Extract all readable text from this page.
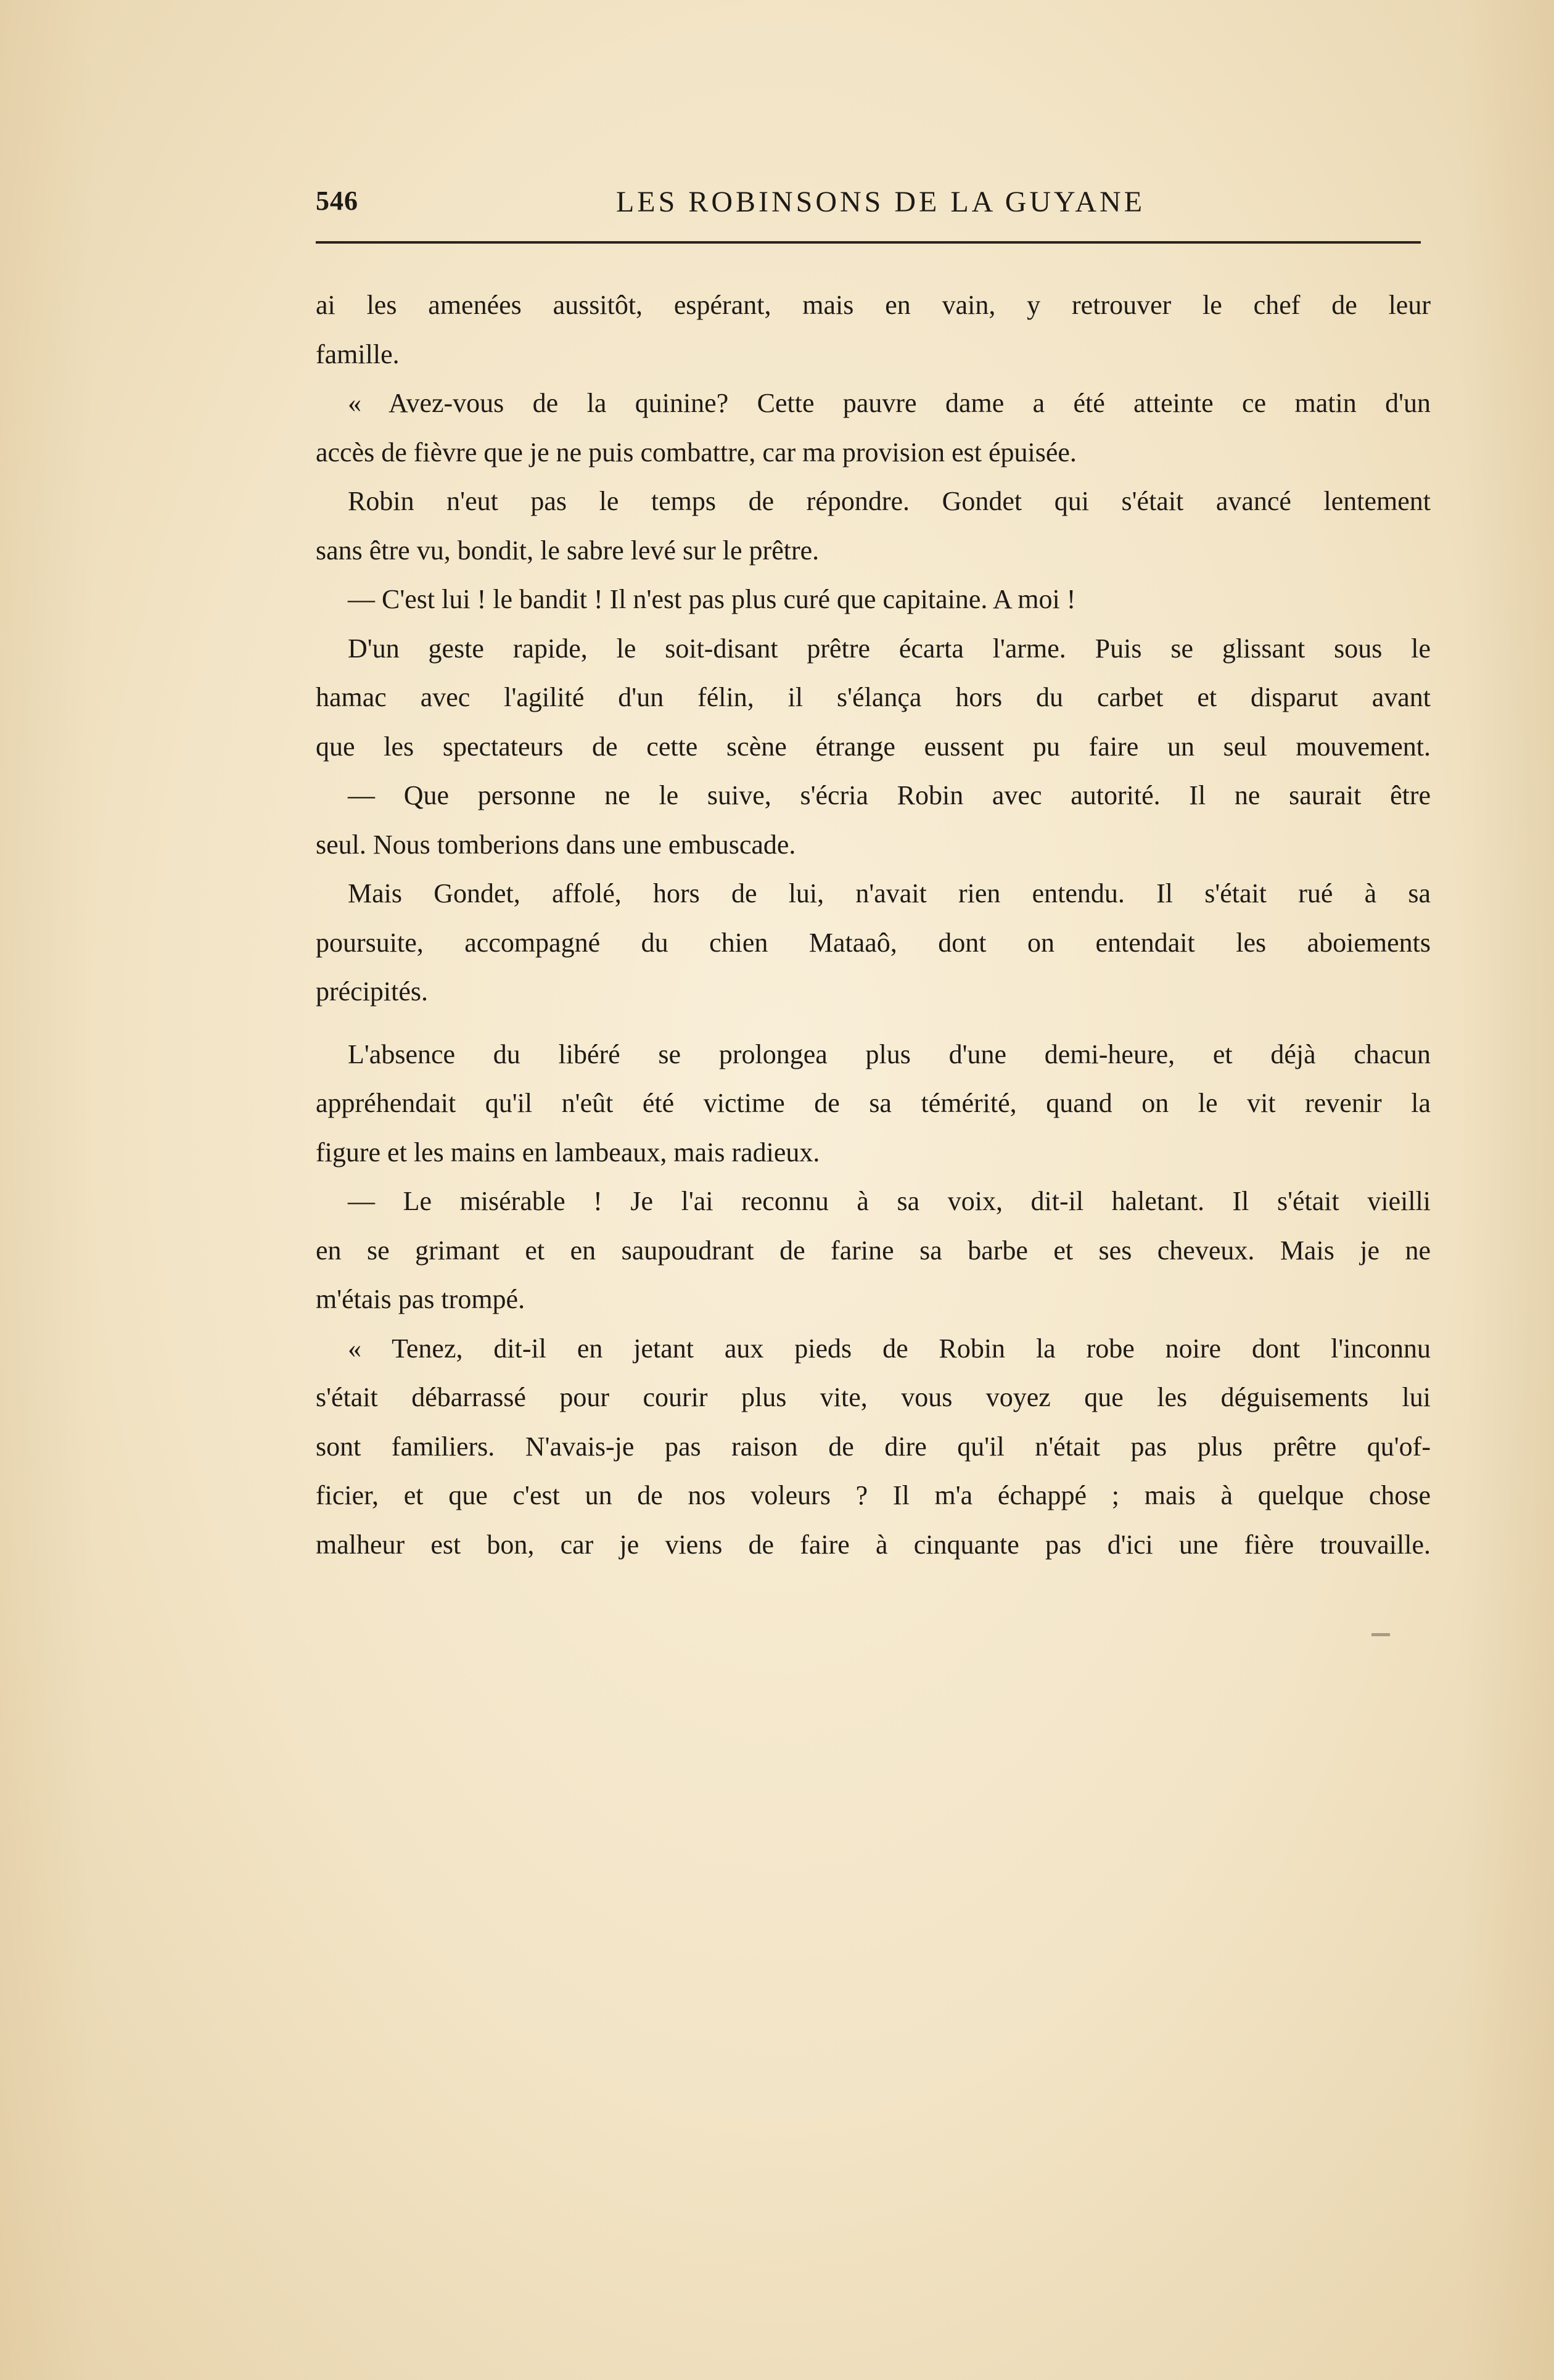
546	LES ROBINSONS DE LA GUYANE
ai les amenées aussitôt, espérant, mais en vain, y retrouver le chef de leur
famille.
« Avez-vous de la quinine? Cette pauvre dame a été atteinte ce matin d'un
accès de fièvre que je ne puis combattre, car ma provision est épuisée.
Robin n'eut pas le temps de répondre. Gondet qui s'était avancé lentement
sans être vu, bondit, le sabre levé sur le prêtre.
— C'est lui ! le bandit ! Il n'est pas plus curé que capitaine. A moi !
D'un geste rapide, le soit-disant prêtre écarta l'arme. Puis se glissant sous le
hamac avec l'agilité d'un félin, il s'élança hors du carbet et disparut avant
que les spectateurs de cette scène étrange eussent pu faire un seul mouvement.
— Que personne ne le suive, s'écria Robin avec autorité. Il ne saurait être
seul. Nous tomberions dans une embuscade.
Mais Gondet, affolé, hors de lui, n'avait rien entendu. Il s'était rué à sa
poursuite, accompagné du chien Mataaô, dont on entendait les aboiements
précipités.
L'absence du libéré se prolongea plus d'une demi-heure, et déjà chacun
appréhendait qu'il n'eût été victime de sa témérité, quand on le vit revenir la
figure et les mains en lambeaux, mais radieux.
— Le misérable ! Je l'ai reconnu à sa voix, dit-il haletant. Il s'était vieilli
en se grimant et en saupoudrant de farine sa barbe et ses cheveux. Mais je ne
m'étais pas trompé.
« Tenez, dit-il en jetant aux pieds de Robin la robe noire dont l'inconnu
s'était débarrassé pour courir plus vite, vous voyez que les déguisements lui
sont familiers. N'avais-je pas raison de dire qu'il n'était pas plus prêtre qu'of-
ficier, et que c'est un de nos voleurs ? Il m'a échappé ; mais à quelque chose
malheur est bon, car je viens de faire à cinquante pas d'ici une fière trouvaille.
